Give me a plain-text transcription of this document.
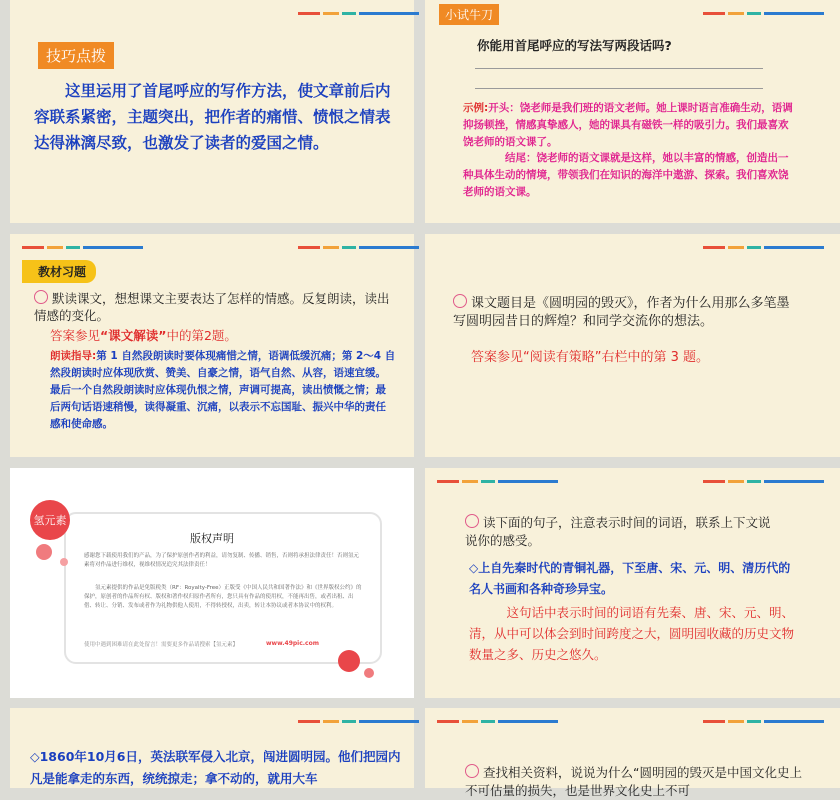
技巧点拨

这里运用了首尾呼应的写作方法，使文章前后内容联系紧密，主题突出，把作者的痛惜、愤恨之情表达得淋漓尽致，也激发了读者的爱国之情。

小试牛刀

你能用首尾呼应的写法写两段话吗?

示例:开头：饶老师是我们班的语文老师。她上课时语言准确生动，语调抑扬顿挫，情感真挚感人，她的课具有磁铁一样的吸引力。我们最喜欢饶老师的语文课了。

结尾：饶老师的语文课就是这样，她以丰富的情感，创造出一种具体生动的情境，带领我们在知识的海洋中遨游、探索。我们喜欢饶老师的语文课。

教材习题

默读课文，想想课文主要表达了怎样的情感。反复朗读，读出情感的变化。

答案参见“课文解读”中的第2题。

朗读指导:第 1 自然段朗读时要体现痛惜之情，语调低缓沉痛；第 2～4 自然段朗读时应体现欣赏、赞美、自豪之情，语气自然、从容，语速宜缓。最后一个自然段朗读时应体现仇恨之情，声调可提高，读出愤慨之情；最后两句话语速稍慢，读得凝重、沉痛，以表示不忘国耻、振兴中华的责任感和使命感。

课文题目是《圆明园的毁灭》，作者为什么用那么多笔墨写圆明园昔日的辉煌？和同学交流你的想法。

答案参见“阅读有策略”右栏中的第 3 题。

氢元素

版权声明

感谢您下载使用我们的产品，为了保护原创作者的利益，请勿复制、传播、销售，否则将承担法律责任！否则氢元素将对作品进行维权，视维权情况追究其法律责任！

氢元素提供的作品是免版税类（RF：Royalty-Free）正版受《中国人民共和国著作法》和《世界版权公约》的保护，原创者的作品所有权、版权和著作权归原作者所有，您只具有作品的使用权，不能再出售，或者出租、出借、转让、分销、发布或者作为礼物供他人使用，不得转授权，出卖，转让本协议或者本协议中的权利。

使用中遇到困难请在此处留言！需要更多作品请搜索【氢元素】	www.49pic.com

读下面的句子，注意表示时间的词语，联系上下文说说你的感受。

◇上自先秦时代的青铜礼器，下至唐、宋、元、明、清历代的名人书画和各种奇珍异宝。

这句话中表示时间的词语有先秦、唐、宋、元、明、清，从中可以体会到时间跨度之大，圆明园收藏的历史文物数量之多、历史之悠久。

◇1860年10月6日，英法联军侵入北京，闯进圆明园。他们把园内凡是能拿走的东西，统统掠走；拿不动的，就用大车	查找相关资料，说说为什么“圆明园的毁灭是中国文化史上不可估量的损失，也是世界文化史上不可
